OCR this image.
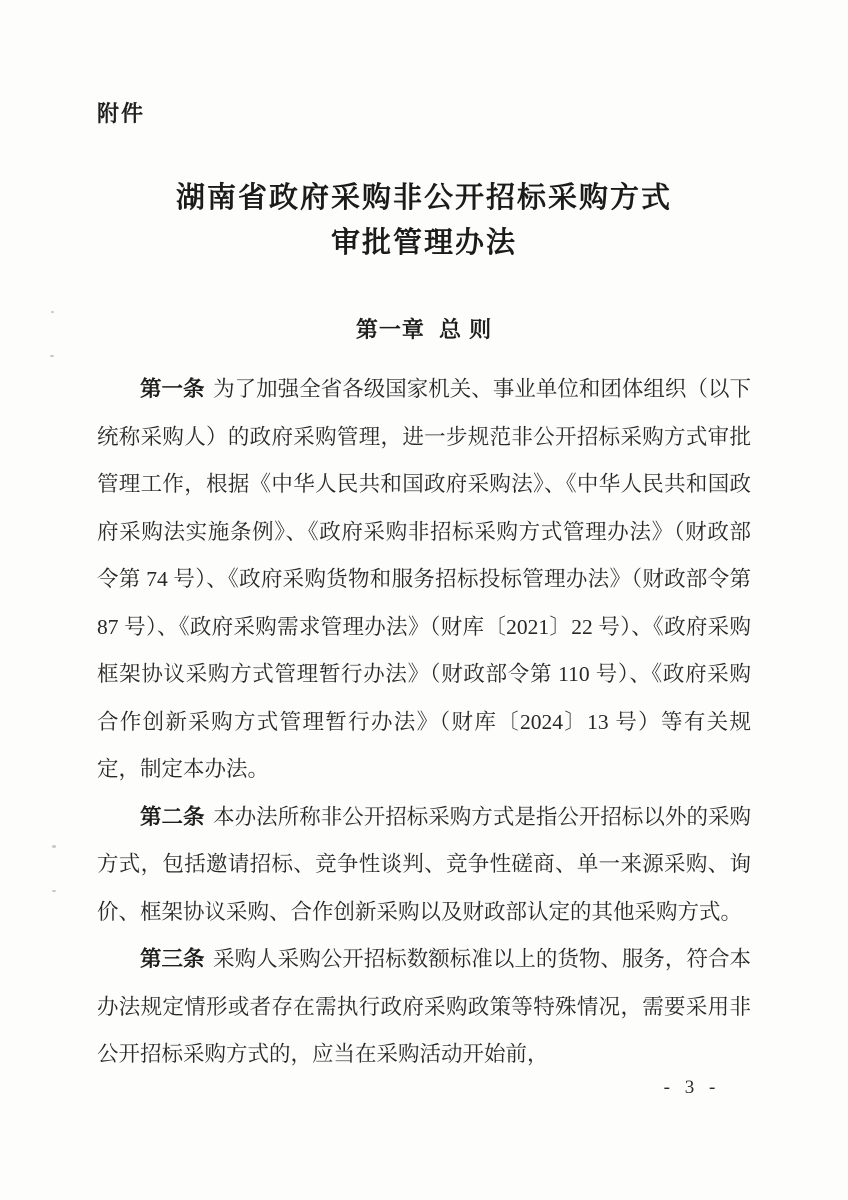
附件
湖南省政府采购非公开招标采购方式
审批管理办法
第一章  总 则

第一条 为了加强全省各级国家机关、事业单位和团体组织（以下统称采购人）的政府采购管理，进一步规范非公开招标采购方式审批管理工作，根据《中华人民共和国政府采购法》、《中华人民共和国政府采购法实施条例》、《政府采购非招标采购方式管理办法》（财政部令第 74 号）、《政府采购货物和服务招标投标管理办法》（财政部令第 87 号）、《政府采购需求管理办法》（财库〔2021〕22 号）、《政府采购框架协议采购方式管理暂行办法》（财政部令第 110 号）、《政府采购合作创新采购方式管理暂行办法》（财库〔2024〕13 号）等有关规定，制定本办法。

第二条 本办法所称非公开招标采购方式是指公开招标以外的采购方式，包括邀请招标、竞争性谈判、竞争性磋商、单一来源采购、询价、框架协议采购、合作创新采购以及财政部认定的其他采购方式。

第三条 采购人采购公开招标数额标准以上的货物、服务，符合本办法规定情形或者存在需执行政府采购政策等特殊情况，需要采用非公开招标采购方式的，应当在采购活动开始前，

- 3 -
